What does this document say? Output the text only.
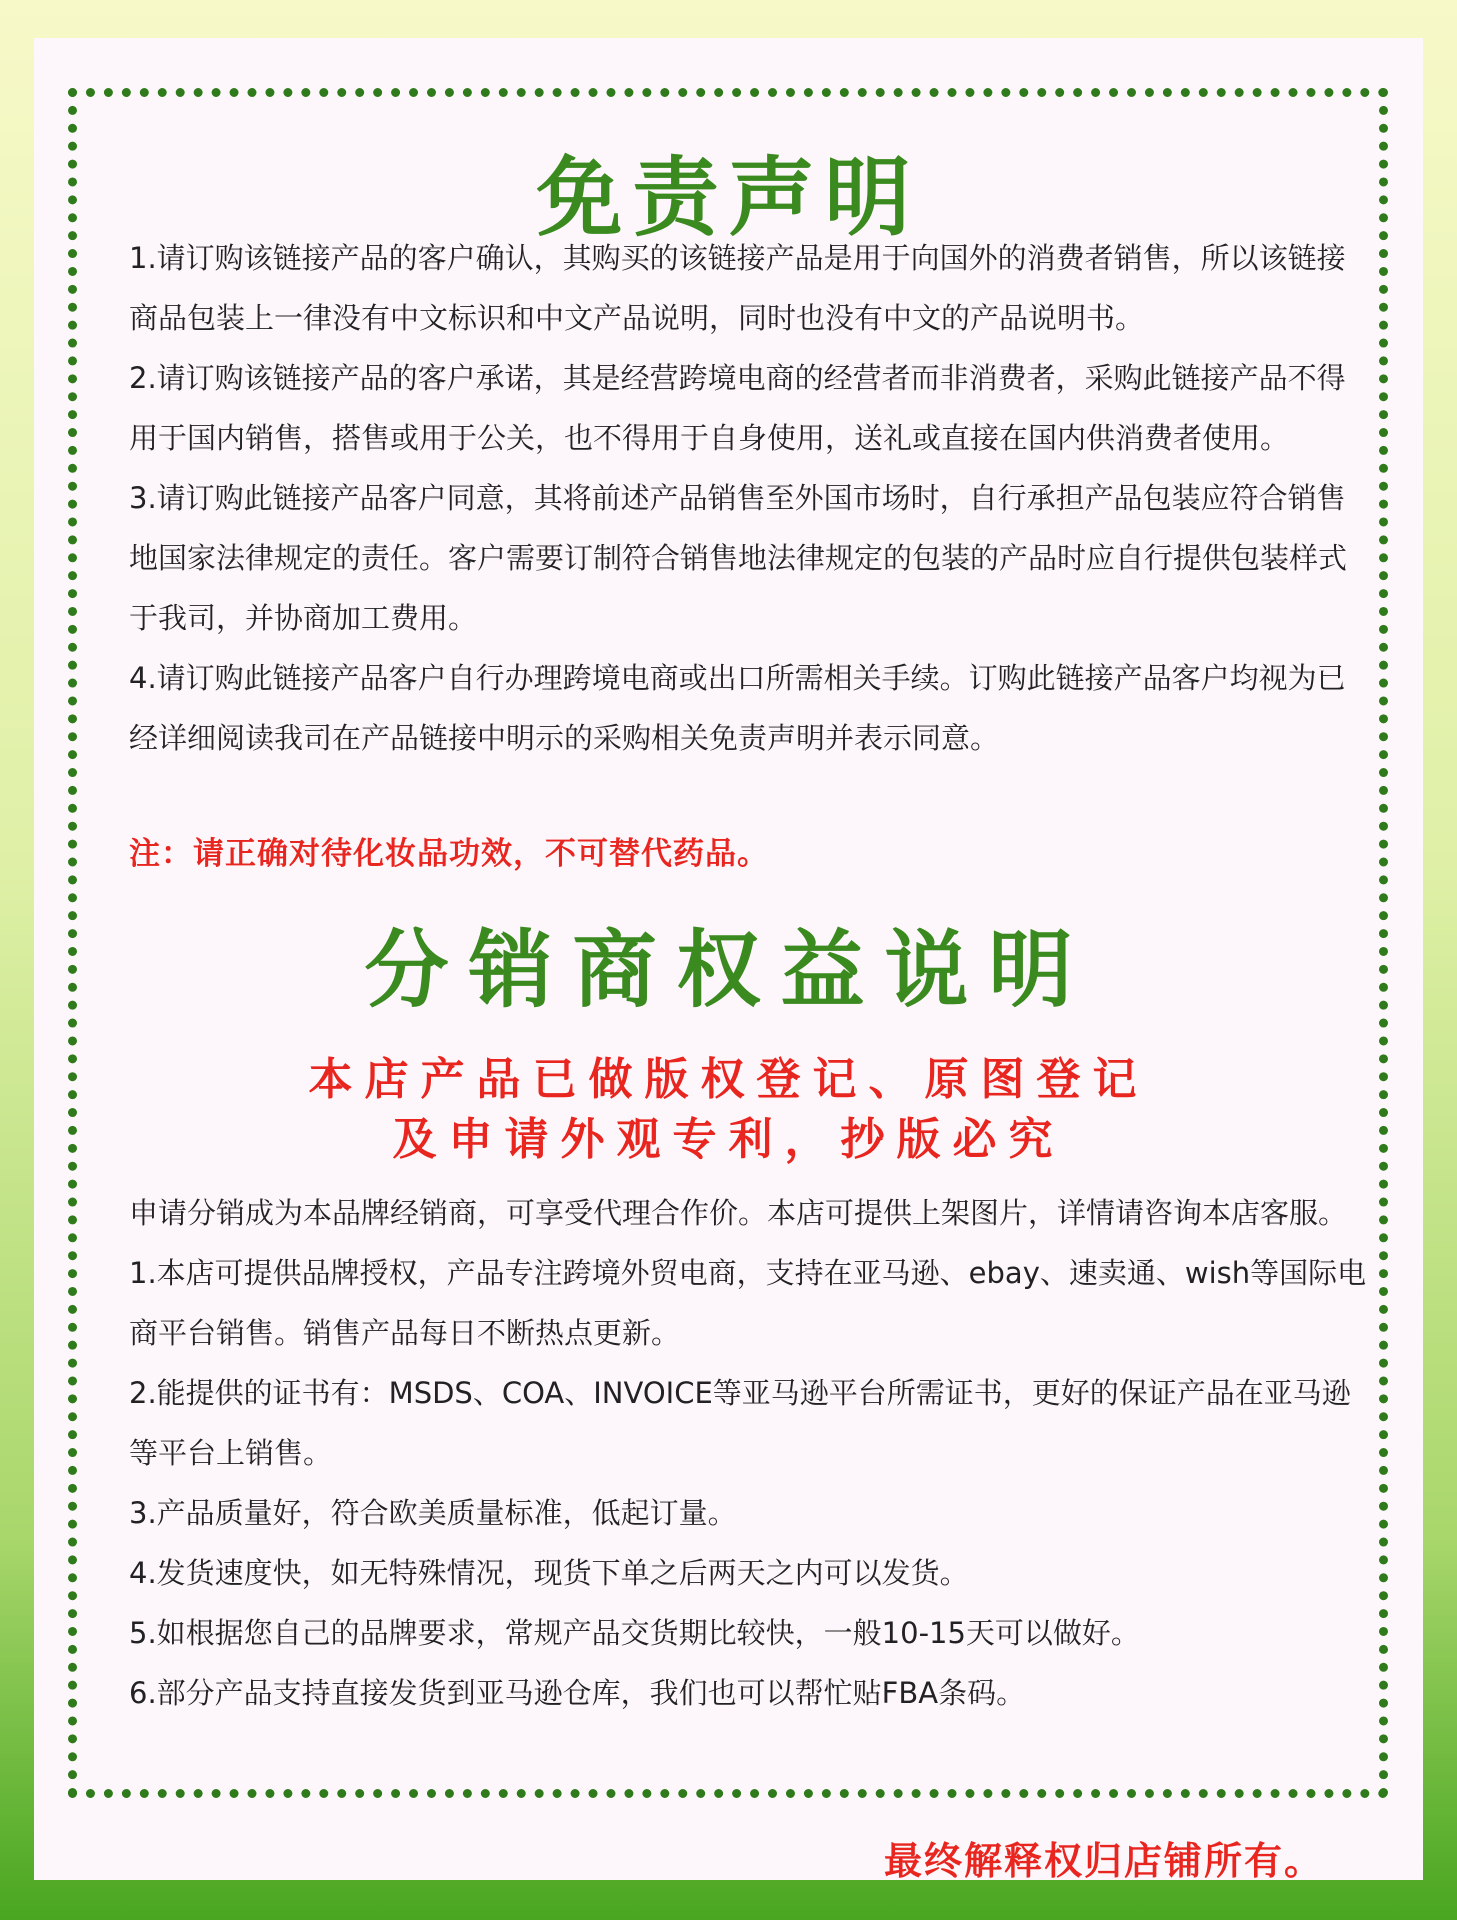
免责声明
1.请订购该链接产品的客户确认，其购买的该链接产品是用于向国外的消费者销售，所以该链接商品包装上一律没有中文标识和中文产品说明，同时也没有中文的产品说明书。
2.请订购该链接产品的客户承诺，其是经营跨境电商的经营者而非消费者，采购此链接产品不得用于国内销售，搭售或用于公关，也不得用于自身使用，送礼或直接在国内供消费者使用。
3.请订购此链接产品客户同意，其将前述产品销售至外国市场时，自行承担产品包装应符合销售地国家法律规定的责任。客户需要订制符合销售地法律规定的包装的产品时应自行提供包装样式于我司，并协商加工费用。
4.请订购此链接产品客户自行办理跨境电商或出口所需相关手续。订购此链接产品客户均视为已经详细阅读我司在产品链接中明示的采购相关免责声明并表示同意。

注：请正确对待化妆品功效，不可替代药品。

分销商权益说明

本店产品已做版权登记、原图登记

及申请外观专利，抄版必究

申请分销成为本品牌经销商，可享受代理合作价。本店可提供上架图片，详情请咨询本店客服。
1.本店可提供品牌授权，产品专注跨境外贸电商，支持在亚马逊、ebay、速卖通、wish等国际电商平台销售。销售产品每日不断热点更新。
2.能提供的证书有：MSDS、COA、INVOICE等亚马逊平台所需证书，更好的保证产品在亚马逊等平台上销售。
3.产品质量好，符合欧美质量标准，低起订量。
4.发货速度快，如无特殊情况，现货下单之后两天之内可以发货。
5.如根据您自己的品牌要求，常规产品交货期比较快，一般10-15天可以做好。
6.部分产品支持直接发货到亚马逊仓库，我们也可以帮忙贴FBA条码。

最终解释权归店铺所有。
